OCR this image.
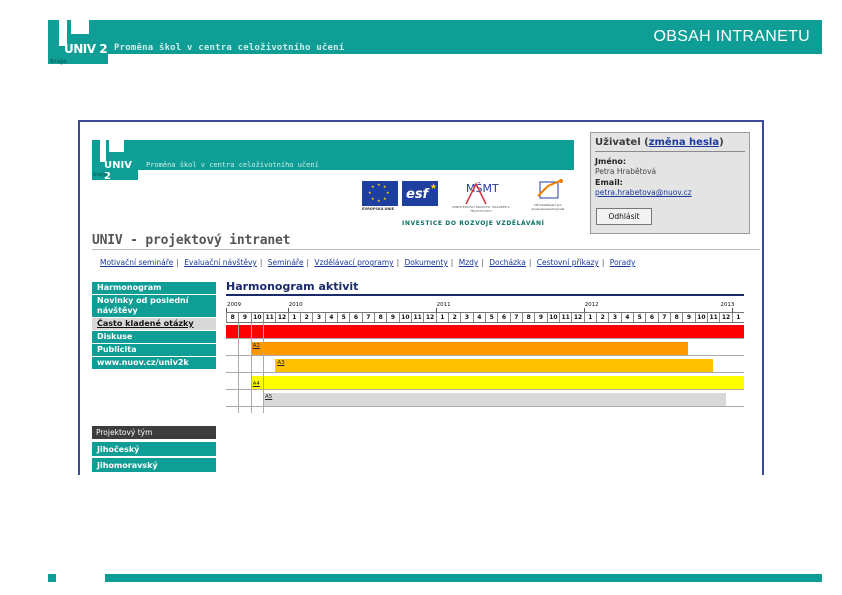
UNIV 2
kraje
Proměna škol v centra celoživotního učení
OBSAH INTRANETU
UNIV 2
kraje
Proměna škol v centra celoživotního učení
★ ★
★
★
★
★
★
★
esf
★
EVROPSKÁ UNIE
MŠMT
MINISTERSTVO ŠKOLSTVÍ, MLÁDEŽE A TĚLOVÝCHOVY
OP Vzdělávání pro konkurenceschopnost
INVESTICE DO ROZVOJE VZDĚLÁVÁNÍ
Uživatel (změna hesla)
Jméno:
Petra Hrabětová
Email:
petra.hrabetova@nuov.cz
Odhlásit
UNIV - projektový intranet
Motivační semináře | Evaluační návštěvy | Semináře | Vzdělávací programy | Dokumenty | Mzdy | Docházka | Cestovní příkazy | Porady
Harmonogram
Novinky od poslední návštěvy
Často kladené otázky
Diskuse
Publicita
www.nuov.cz/univ2k
Projektový tým
Jihočeský
Jihomoravský
Harmonogram aktivit
2009	2010	2011	2012	2013
8	9	10 11 12	1	2	3	4	5	6	7	8	9	10 11 12	1	2	3	4	5	6	7	8	9	10 11 12	1	2	3	4	5	6	7	8	9	10 11 12	1
A2
A3
A4
A5
